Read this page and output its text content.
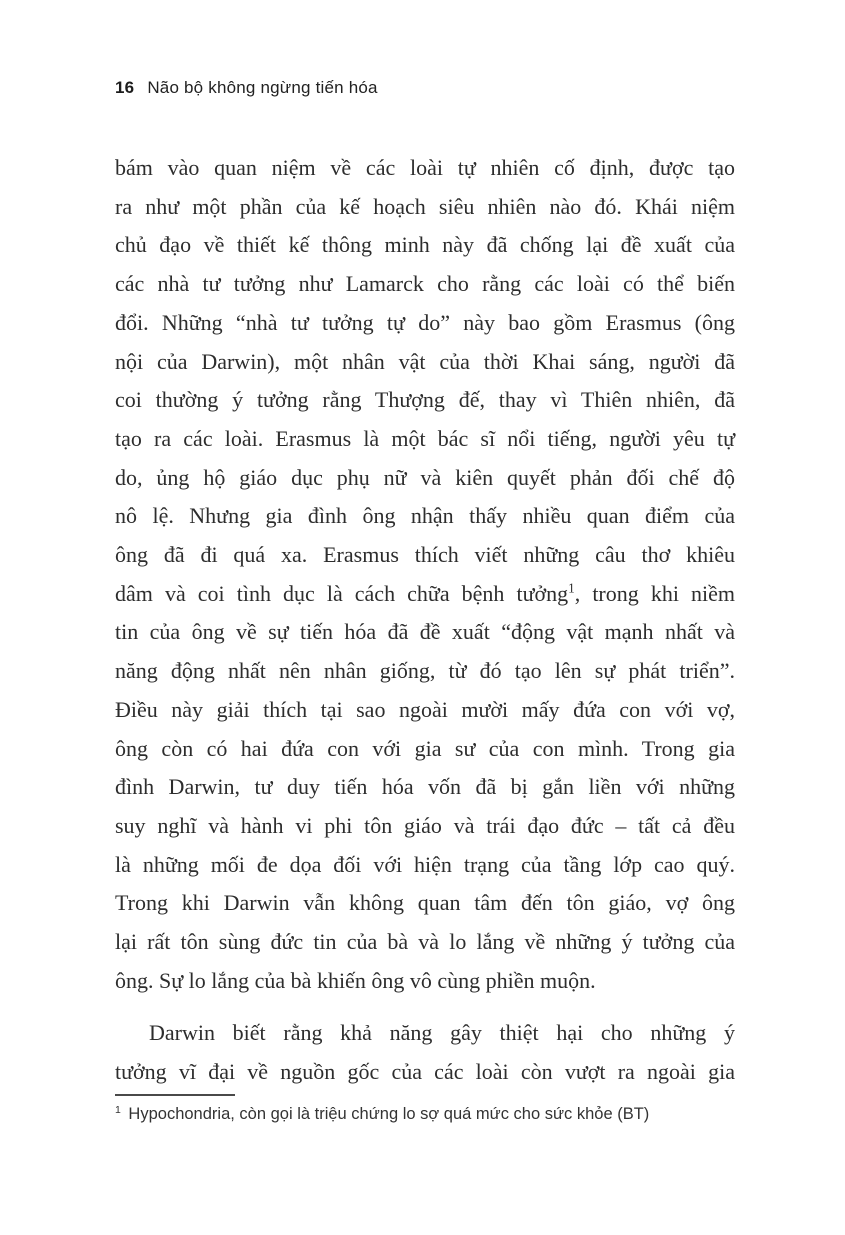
16 Não bộ không ngừng tiến hóa
bám vào quan niệm về các loài tự nhiên cố định, được tạo
ra như một phần của kế hoạch siêu nhiên nào đó. Khái niệm
chủ đạo về thiết kế thông minh này đã chống lại đề xuất của
các nhà tư tưởng như Lamarck cho rằng các loài có thể biến
đổi. Những “nhà tư tưởng tự do” này bao gồm Erasmus (ông
nội của Darwin), một nhân vật của thời Khai sáng, người đã
coi thường ý tưởng rằng Thượng đế, thay vì Thiên nhiên, đã
tạo ra các loài. Erasmus là một bác sĩ nổi tiếng, người yêu tự
do, ủng hộ giáo dục phụ nữ và kiên quyết phản đối chế độ
nô lệ. Nhưng gia đình ông nhận thấy nhiều quan điểm của
ông đã đi quá xa. Erasmus thích viết những câu thơ khiêu
dâm và coi tình dục là cách chữa bệnh tưởng$^1$, trong khi niềm
tin của ông về sự tiến hóa đã đề xuất “động vật mạnh nhất và
năng động nhất nên nhân giống, từ đó tạo lên sự phát triển”.
Điều này giải thích tại sao ngoài mười mấy đứa con với vợ,
ông còn có hai đứa con với gia sư của con mình. Trong gia
đình Darwin, tư duy tiến hóa vốn đã bị gắn liền với những
suy nghĩ và hành vi phi tôn giáo và trái đạo đức – tất cả đều
là những mối đe dọa đối với hiện trạng của tầng lớp cao quý.
Trong khi Darwin vẫn không quan tâm đến tôn giáo, vợ ông
lại rất tôn sùng đức tin của bà và lo lắng về những ý tưởng của
ông. Sự lo lắng của bà khiến ông vô cùng phiền muộn.
Darwin biết rằng khả năng gây thiệt hại cho những ý
tưởng vĩ đại về nguồn gốc của các loài còn vượt ra ngoài gia
$^1$ Hypochondria, còn gọi là triệu chứng lo sợ quá mức cho sức khỏe (BT)
